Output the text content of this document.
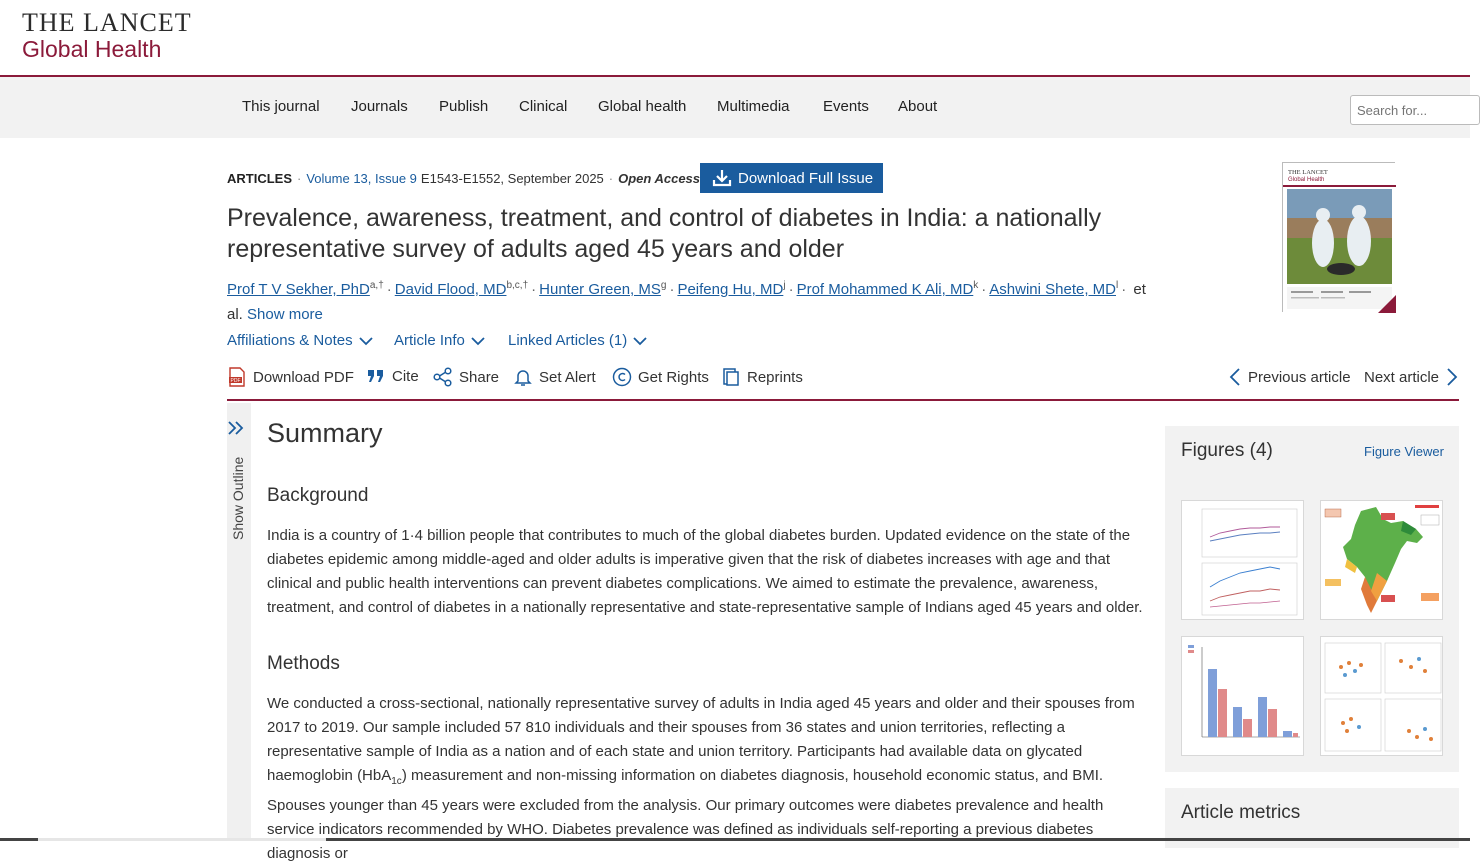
THE LANCET
Global Health
This journal Journals Publish Clinical Global health Multimedia Events About
Search for...
ARTICLES · Volume 13, Issue 9 E1543-E1552, September 2025 · Open Access	Download Full Issue	THE LANCET
Global Health
Prevalence, awareness, treatment, and control of diabetes in India: a nationally representative survey of adults aged 45 years and older
Prof T V Sekher, PhD$^{a,\dagger}$ · David Flood, $MD^{b,c,\dagger}$ · Hunter Green, $MS^g$ · Peifeng Hu, $MD^j$ · Prof Mohammed K Ali, $MD^k$ · Ashwini Shete, $MD^l$ · et al. Show more
Affiliations & Notes	Article Info	Linked Articles (1)
PDF Download PDF	Cite	Share	Set Alert	Get Rights	Reprints	Previous article Next article
Show Outline
Summary
Background

India is a country of 1·4 billion people that contributes to much of the global diabetes burden. Updated evidence on the state of the diabetes epidemic among middle-aged and older adults is imperative given that the risk of diabetes increases with age and that clinical and public health interventions can prevent diabetes complications. We aimed to estimate the prevalence, awareness, treatment, and control of diabetes in a nationally representative and state-representative sample of Indians aged 45 years and older.

Methods

We conducted a cross-sectional, nationally representative survey of adults in India aged 45 years and older and their spouses from 2017 to 2019. Our sample included 57 810 individuals and their spouses from 36 states and union territories, reflecting a representative sample of India as a nation and of each state and union territory. Participants had available data on glycated haemoglobin (HbA$_{1c}$) measurement and non-missing information on diabetes diagnosis, household economic status, and BMI. Spouses younger than 45 years were excluded from the analysis. Our primary outcomes were diabetes prevalence and health service indicators recommended by WHO. Diabetes prevalence was defined as individuals self-reporting a previous diabetes diagnosis or

Figures (4)	Figure Viewer
Article metrics
